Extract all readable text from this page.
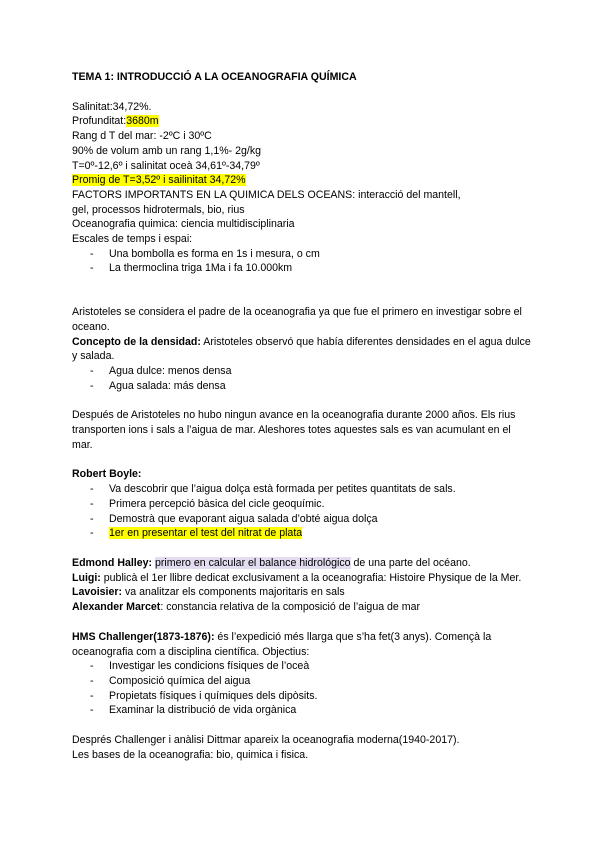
TEMA 1: INTRODUCCIÓ A LA OCEANOGRAFIA QUÍMICA

Salinitat:34,72%.

Profunditat:3680m

Rang d T del mar: -2ºC i 30ºC

90% de volum amb un rang 1,1%- 2g/kg

T=0º-12,6º i salinitat oceà 34,61º-34,79º

Promig de T=3,52º i sailinitat 34,72%

FACTORS IMPORTANTS EN LA QUIMICA DELS OCEANS: interacció del mantell,

gel, processos hidrotermals, bio, rius

Oceanografia quimica: ciencia multidisciplinaria

Escales de temps i espai:

- Una bombolla es forma en 1s i mesura, o cm
- La thermoclina triga 1Ma i fa 10.000km

Aristoteles se considera el padre de la oceanografia ya que fue el primero en investigar sobre el oceano.

Concepto de la densidad: Aristoteles observó que había diferentes densidades en el agua dulce y salada.

- Agua dulce: menos densa
- Agua salada: más densa

Después de Aristoteles no hubo ningun avance en la oceanografia durante 2000 años. Els rius transporten ions i sals a l’aigua de mar. Aleshores totes aquestes sals es van acumulant en el mar.

Robert Boyle:

- Va descobrir que l’aigua dolça està formada per petites quantitats de sals.
- Primera percepció bàsica del cicle geoquímic.
- Demostrà que evaporant aigua salada d’obté aigua dolça
- 1er en presentar el test del nitrat de plata

Edmond Halley: primero en calcular el balance hidrológico de una parte del océano.

Luigi: publicà el 1er llibre dedicat exclusivament a la oceanografia: Histoire Physique de la Mer.

Lavoisier: va analitzar els components majoritaris en sals

Alexander Marcet: constancia relativa de la composició de l’aigua de mar

HMS Challenger(1873-1876): és l’expedició més llarga que s’ha fet(3 anys). Començà la oceanografia com a disciplina científica. Objectius:

- Investigar les condicions físiques de l’oceà
- Composició química del aigua
- Propietats físiques i químiques dels dipòsits.
- Examinar la distribució de vida orgànica

Després Challenger i anàlisi Dittmar apareix la oceanografia moderna(1940-2017).

Les bases de la oceanografia: bio, quimica i fisica.
